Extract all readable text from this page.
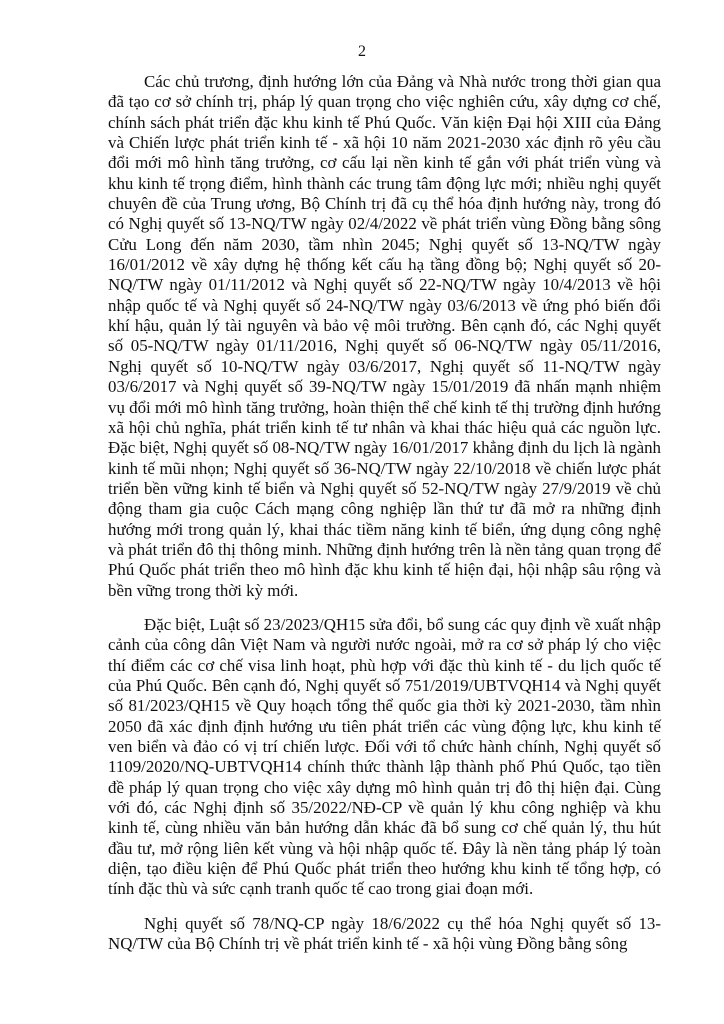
2

Các chủ trương, định hướng lớn của Đảng và Nhà nước trong thời gian qua đã tạo cơ sở chính trị, pháp lý quan trọng cho việc nghiên cứu, xây dựng cơ chế, chính sách phát triển đặc khu kinh tế Phú Quốc. Văn kiện Đại hội XIII của Đảng và Chiến lược phát triển kinh tế - xã hội 10 năm 2021-2030 xác định rõ yêu cầu đổi mới mô hình tăng trưởng, cơ cấu lại nền kinh tế gắn với phát triển vùng và khu kinh tế trọng điểm, hình thành các trung tâm động lực mới; nhiều nghị quyết chuyên đề của Trung ương, Bộ Chính trị đã cụ thể hóa định hướng này, trong đó có Nghị quyết số 13-NQ/TW ngày 02/4/2022 về phát triển vùng Đồng bằng sông Cửu Long đến năm 2030, tầm nhìn 2045; Nghị quyết số 13-NQ/TW ngày 16/01/2012 về xây dựng hệ thống kết cấu hạ tầng đồng bộ; Nghị quyết số 20-NQ/TW ngày 01/11/2012 và Nghị quyết số 22-NQ/TW ngày 10/4/2013 về hội nhập quốc tế và Nghị quyết số 24-NQ/TW ngày 03/6/2013 về ứng phó biến đổi khí hậu, quản lý tài nguyên và bảo vệ môi trường. Bên cạnh đó, các Nghị quyết số 05-NQ/TW ngày 01/11/2016, Nghị quyết số 06-NQ/TW ngày 05/11/2016, Nghị quyết số 10-NQ/TW ngày 03/6/2017, Nghị quyết số 11-NQ/TW ngày 03/6/2017 và Nghị quyết số 39-NQ/TW ngày 15/01/2019 đã nhấn mạnh nhiệm vụ đổi mới mô hình tăng trưởng, hoàn thiện thể chế kinh tế thị trường định hướng xã hội chủ nghĩa, phát triển kinh tế tư nhân và khai thác hiệu quả các nguồn lực. Đặc biệt, Nghị quyết số 08-NQ/TW ngày 16/01/2017 khẳng định du lịch là ngành kinh tế mũi nhọn; Nghị quyết số 36-NQ/TW ngày 22/10/2018 về chiến lược phát triển bền vững kinh tế biển và Nghị quyết số 52-NQ/TW ngày 27/9/2019 về chủ động tham gia cuộc Cách mạng công nghiệp lần thứ tư đã mở ra những định hướng mới trong quản lý, khai thác tiềm năng kinh tế biển, ứng dụng công nghệ và phát triển đô thị thông minh. Những định hướng trên là nền tảng quan trọng để Phú Quốc phát triển theo mô hình đặc khu kinh tế hiện đại, hội nhập sâu rộng và bền vững trong thời kỳ mới.

Đặc biệt, Luật số 23/2023/QH15 sửa đổi, bổ sung các quy định về xuất nhập cảnh của công dân Việt Nam và người nước ngoài, mở ra cơ sở pháp lý cho việc thí điểm các cơ chế visa linh hoạt, phù hợp với đặc thù kinh tế - du lịch quốc tế của Phú Quốc. Bên cạnh đó, Nghị quyết số 751/2019/UBTVQH14 và Nghị quyết số 81/2023/QH15 về Quy hoạch tổng thể quốc gia thời kỳ 2021-2030, tầm nhìn 2050 đã xác định định hướng ưu tiên phát triển các vùng động lực, khu kinh tế ven biển và đảo có vị trí chiến lược. Đối với tổ chức hành chính, Nghị quyết số 1109/2020/NQ-UBTVQH14 chính thức thành lập thành phố Phú Quốc, tạo tiền đề pháp lý quan trọng cho việc xây dựng mô hình quản trị đô thị hiện đại. Cùng với đó, các Nghị định số 35/2022/NĐ-CP về quản lý khu công nghiệp và khu kinh tế, cùng nhiều văn bản hướng dẫn khác đã bổ sung cơ chế quản lý, thu hút đầu tư, mở rộng liên kết vùng và hội nhập quốc tế. Đây là nền tảng pháp lý toàn diện, tạo điều kiện để Phú Quốc phát triển theo hướng khu kinh tế tổng hợp, có tính đặc thù và sức cạnh tranh quốc tế cao trong giai đoạn mới.

Nghị quyết số 78/NQ-CP ngày 18/6/2022 cụ thể hóa Nghị quyết số 13-NQ/TW của Bộ Chính trị về phát triển kinh tế - xã hội vùng Đồng bằng sông
